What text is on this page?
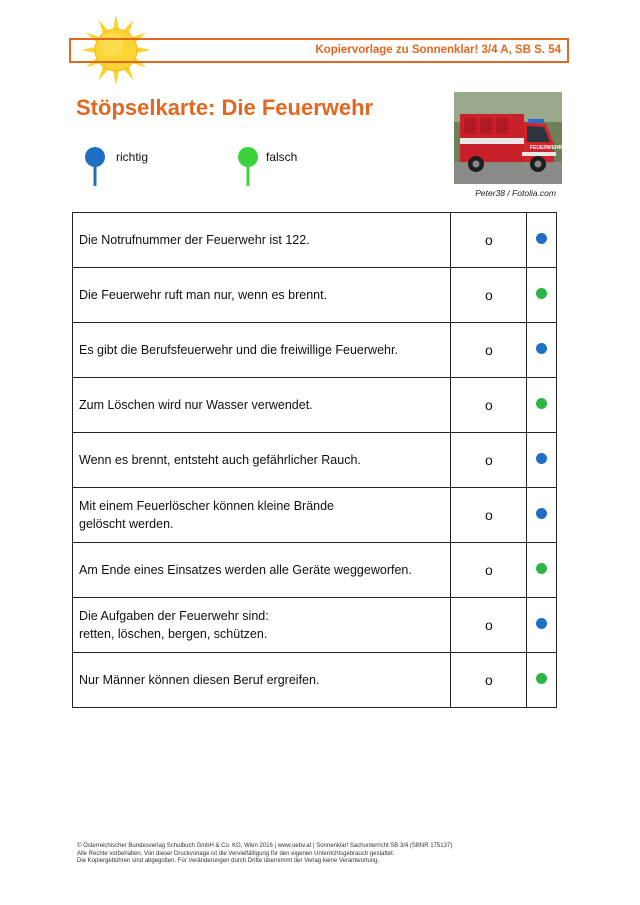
Kopiervorlage zu Sonnenklar! 3/4 A, SB S. 54
Stöpselkarte: Die Feuerwehr
FEUERWEHR
Peter38 / Fotolia.com
richtig	falsch
Die Notrufnummer der Feuerwehr ist 122.	o	

Die Feuerwehr ruft man nur, wenn es brennt.	o	

Es gibt die Berufsfeuerwehr und die freiwillige Feuerwehr.	o	

Zum Löschen wird nur Wasser verwendet.	o	

Wenn es brennt, entsteht auch gefährlicher Rauch.	o	

Mit einem Feuerlöscher können kleine Brände
gelöscht werden.	o	

Am Ende eines Einsatzes werden alle Geräte weggeworfen.	o	

Die Aufgaben der Feuerwehr sind:
retten, löschen, bergen, schützen.	o	

Nur Männer können diesen Beruf ergreifen.	o	
© Österreichischer Bundesverlag Schulbuch GmbH & Co. KG, Wien 2016 | www.oebv.at | Sonnenklar! Sachunterricht SB 3/4 (SBNR 175137)
Alle Rechte vorbehalten. Von dieser Druckvorlage ist die Vervielfältigung für den eigenen Unterrichtsgebrauch gestattet.
Die Kopiergebühren sind abgegolten. Für Veränderungen durch Dritte übernimmt der Verlag keine Verantwortung.
